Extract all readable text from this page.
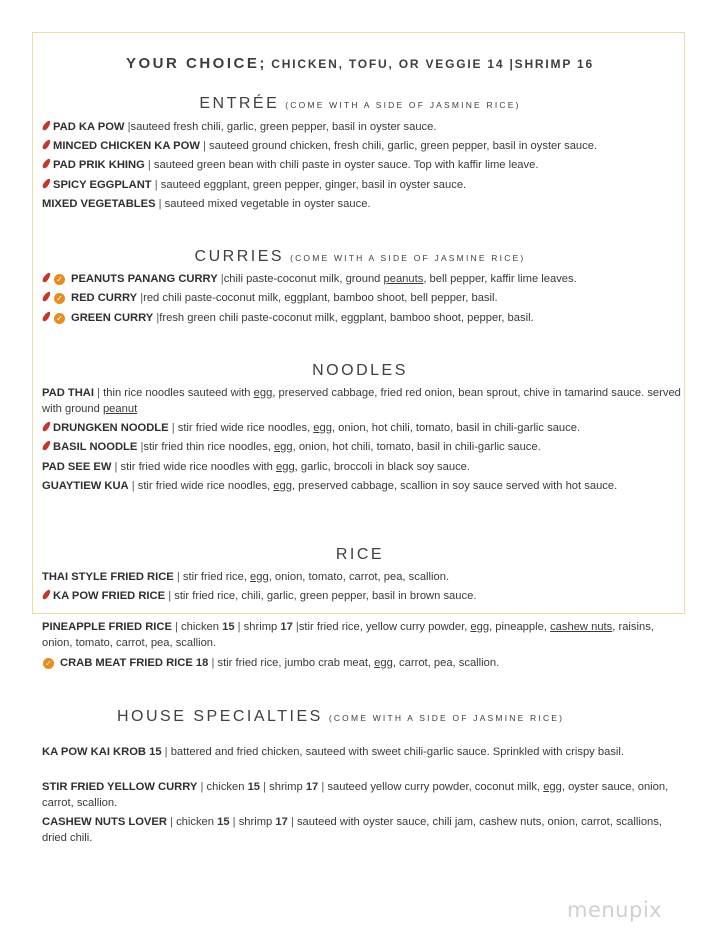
YOUR CHOICE; CHICKEN, TOFU, OR VEGGIE 14 |SHRIMP 16
ENTRÉE (COME WITH A SIDE OF JASMINE RICE)
PAD KA POW |sauteed fresh chili, garlic, green pepper, basil in oyster sauce.
MINCED CHICKEN KA POW | sauteed ground chicken, fresh chili, garlic, green pepper, basil in oyster sauce.
PAD PRIK KHING | sauteed green bean with chili paste in oyster sauce. Top with kaffir lime leave.
SPICY EGGPLANT | sauteed eggplant, green pepper, ginger, basil in oyster sauce.
MIXED VEGETABLES | sauteed mixed vegetable in oyster sauce.
CURRIES (COME WITH A SIDE OF JASMINE RICE)
✓ PEANUTS PANANG CURRY |chili paste-coconut milk, ground peanuts, bell pepper, kaffir lime leaves.
✓ RED CURRY |red chili paste-coconut milk, eggplant, bamboo shoot, bell pepper, basil.
✓ GREEN CURRY |fresh green chili paste-coconut milk, eggplant, bamboo shoot, pepper, basil.
NOODLES
PAD THAI | thin rice noodles sauteed with egg, preserved cabbage, fried red onion, bean sprout, chive in tamarind sauce. served with ground peanut
DRUNGKEN NOODLE | stir fried wide rice noodles, egg, onion, hot chili, tomato, basil in chili-garlic sauce.
BASIL NOODLE |stir fried thin rice noodles, egg, onion, hot chili, tomato, basil in chili-garlic sauce.
PAD SEE EW | stir fried wide rice noodles with egg, garlic, broccoli in black soy sauce.
GUAYTIEW KUA | stir fried wide rice noodles, egg, preserved cabbage, scallion in soy sauce served with hot sauce.
RICE
THAI STYLE FRIED RICE | stir fried rice, egg, onion, tomato, carrot, pea, scallion.
KA POW FRIED RICE | stir fried rice, chili, garlic, green pepper, basil in brown sauce.
PINEAPPLE FRIED RICE | chicken 15 | shrimp 17 |stir fried rice, yellow curry powder, egg, pineapple, cashew nuts, raisins, onion, tomato, carrot, pea, scallion.
✓ CRAB MEAT FRIED RICE 18 | stir fried rice, jumbo crab meat, egg, carrot, pea, scallion.
HOUSE SPECIALTIES (COME WITH A SIDE OF JASMINE RICE)
KA POW KAI KROB 15 | battered and fried chicken, sauteed with sweet chili-garlic sauce. Sprinkled with crispy basil.
STIR FRIED YELLOW CURRY | chicken 15 | shrimp 17 | sauteed yellow curry powder, coconut milk, egg, oyster sauce, onion, carrot, scallion.
CASHEW NUTS LOVER | chicken 15 | shrimp 17 | sauteed with oyster sauce, chili jam, cashew nuts, onion, carrot, scallions, dried chili.
menupix
